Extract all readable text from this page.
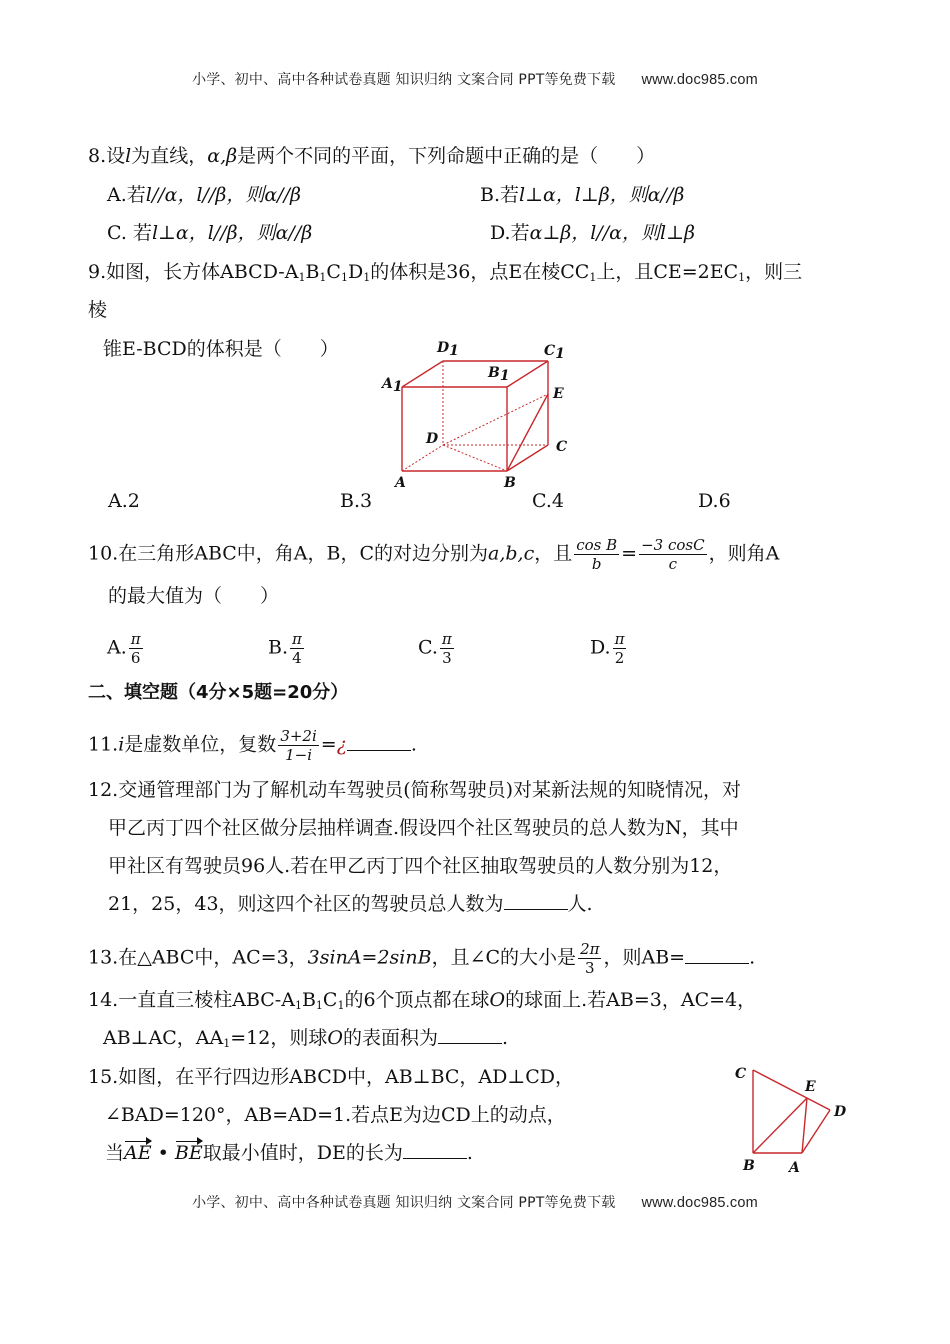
小学、初中、高中各种试卷真题 知识归纳 文案合同 PPT等免费下载 www.doc985.com
8.设l为直线，α,β是两个不同的平面，下列命题中正确的是（　　）
A.若l//α，l//β，则α//β	B.若l⊥α，l⊥β，则α//β
C. 若l⊥α，l//β，则α//β	D.若α⊥β，l//α，则l⊥β
9.如图，长方体ABCD-$A_1B_1C_1D_1$的体积是36，点E在棱$CC_1$上，且$CE=2EC_1$，则三
棱
锥E-BCD的体积是（　　）	D1	C1
A1
B1
E
D	C
A	B
A.2	B.3	C.4	D.6
10.在三角形ABC中，角A，B，C的对边分别为a,b,c，且 $\frac{\text{cos B}}{b} = \frac{-3 \cos C}{c}$ ，则角A
的最大值为（　　）
A. $\frac{\pi}{6}$	B. $\frac{\pi}{4}$	C. $\frac{\pi}{3}$	D. $\frac{\pi}{2}$
二、填空题（4分×5题=20分）
11.i是虚数单位，复数 $\frac{3+2i}{1-i}$ =¿	.
12.交通管理部门为了解机动车驾驶员(简称驾驶员)对某新法规的知晓情况，对
甲乙丙丁四个社区做分层抽样调查.假设四个社区驾驶员的总人数为N，其中
甲社区有驾驶员96人.若在甲乙丙丁四个社区抽取驾驶员的人数分别为12，
21，25，43，则这四个社区的驾驶员总人数为	人.
13.在△ABC中，AC=3，3sinA=2sinB，且∠C的大小是 $\frac{2\pi}{3}$ ，则AB=	.
14.一直直三棱柱ABC-$A_1B_1C_1$的6个顶点都在球O的球面上.若AB=3，AC=4，
AB⊥AC，$AA_1=12$，则球O的表面积为	.
15.如图，在平行四边形ABCD中，AB⊥BC，AD⊥CD，
∠BAD=120°，AB=AD=1.若点E为边CD上的动点，
当AE • BE取最小值时，DE的长为	.
C
E
D
B A
小学、初中、高中各种试卷真题 知识归纳 文案合同 PPT等免费下载 www.doc985.com
